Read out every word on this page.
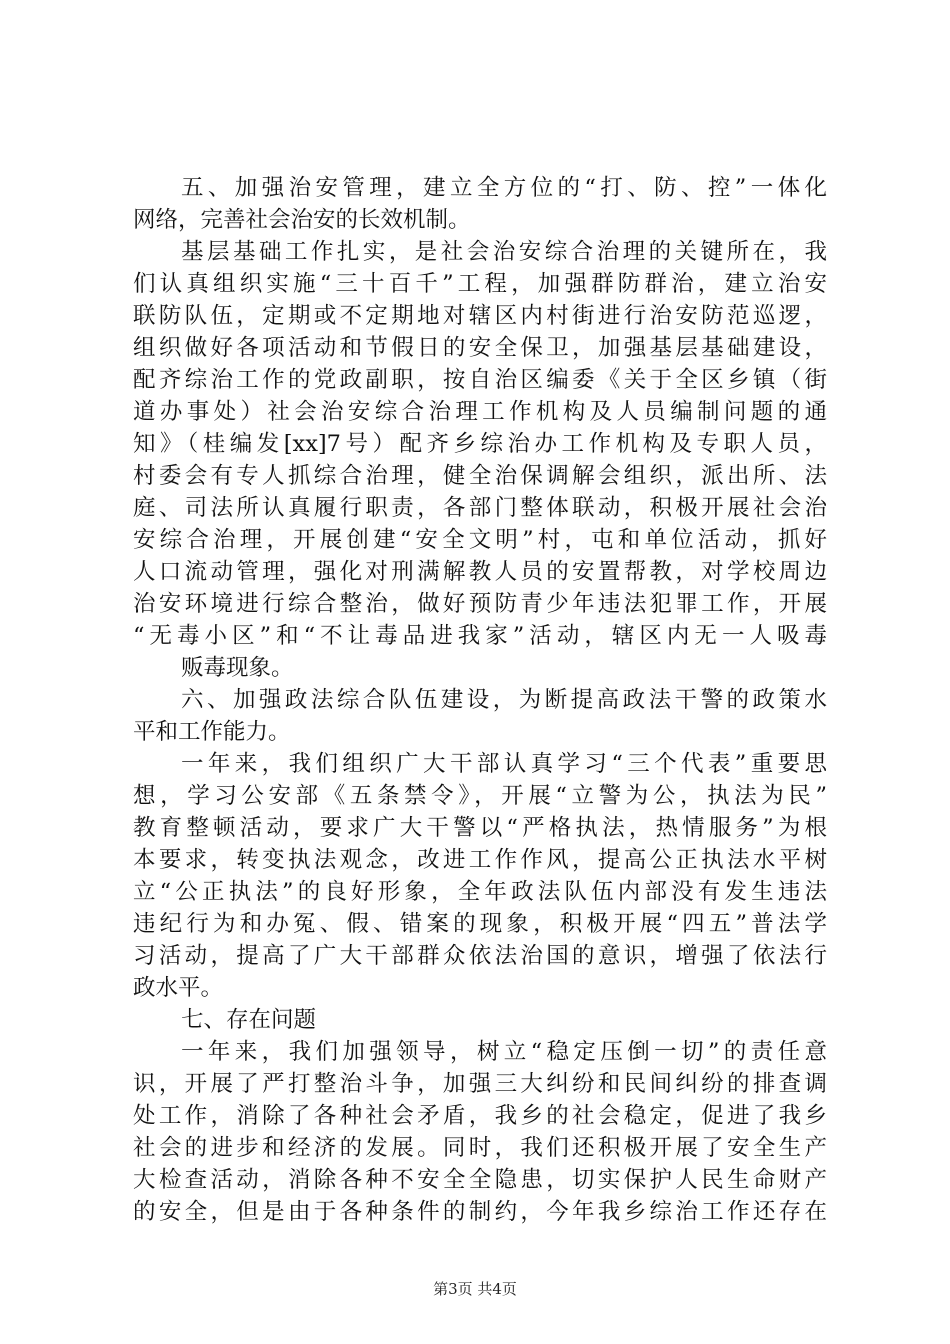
五、加强治安管理，建立全方位的“打、防、控”一体化
网络，完善社会治安的长效机制。
基层基础工作扎实，是社会治安综合治理的关键所在，我
们认真组织实施“三十百千”工程，加强群防群治，建立治安
联防队伍，定期或不定期地对辖区内村街进行治安防范巡逻，
组织做好各项活动和节假日的安全保卫，加强基层基础建设，
配齐综治工作的党政副职，按自治区编委《关于全区乡镇（街
道办事处）社会治安综合治理工作机构及人员编制问题的通
知》（桂编发[xx]7号）配齐乡综治办工作机构及专职人员，
村委会有专人抓综合治理，健全治保调解会组织，派出所、法
庭、司法所认真履行职责，各部门整体联动，积极开展社会治
安综合治理，开展创建“安全文明”村，屯和单位活动，抓好
人口流动管理，强化对刑满解教人员的安置帮教，对学校周边
治安环境进行综合整治，做好预防青少年违法犯罪工作，开展
“无毒小区”和“不让毒品进我家”活动，辖区内无一人吸毒
贩毒现象。
六、加强政法综合队伍建设，为断提高政法干警的政策水
平和工作能力。
一年来，我们组织广大干部认真学习“三个代表”重要思
想，学习公安部《五条禁令》，开展“立警为公，执法为民”
教育整顿活动，要求广大干警以“严格执法，热情服务”为根
本要求，转变执法观念，改进工作作风，提高公正执法水平树
立“公正执法”的良好形象，全年政法队伍内部没有发生违法
违纪行为和办冤、假、错案的现象，积极开展“四五”普法学
习活动，提高了广大干部群众依法治国的意识，增强了依法行
政水平。
七、存在问题
一年来，我们加强领导，树立“稳定压倒一切”的责任意
识，开展了严打整治斗争，加强三大纠纷和民间纠纷的排查调
处工作，消除了各种社会矛盾，我乡的社会稳定，促进了我乡
社会的进步和经济的发展。同时，我们还积极开展了安全生产
大检查活动，消除各种不安全全隐患，切实保护人民生命财产
的安全，但是由于各种条件的制约，今年我乡综治工作还存在
第3页 共4页
